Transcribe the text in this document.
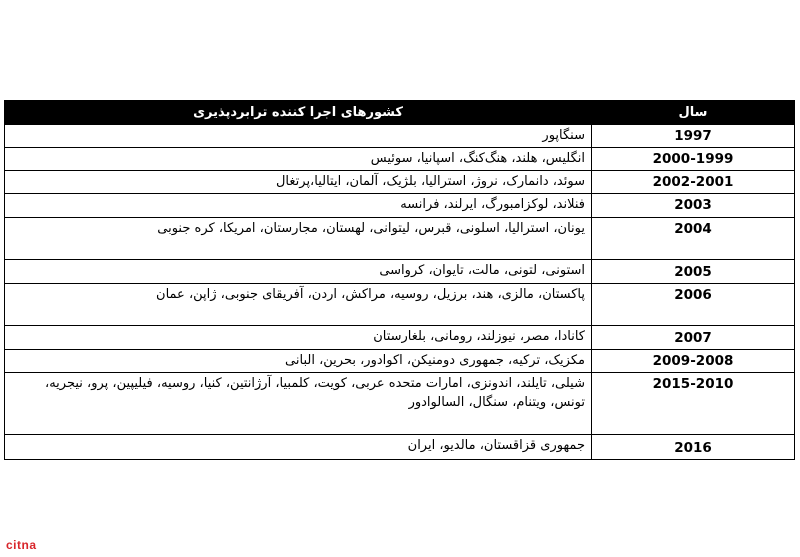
سال	کشورهای اجرا کننده ترابردپذیری
1997	سنگاپور
2000-1999	انگلیس، هلند، هنگ‌کنگ، اسپانیا، سوئیس
2002-2001	سوئد، دانمارک، نروژ، استرالیا، بلژیک، آلمان، ایتالیا،پرتغال
2003	فنلاند، لوکزامبورگ، ایرلند، فرانسه
2004	یونان، استرالیا، اسلونی، قبرس، لیتوانی، لهستان، مجارستان، امریکا، کره جنوبی
2005	استونی، لتونی، مالت، تایوان، کرواسی
2006	پاکستان، مالزی، هند، برزیل، روسیه، مراکش، اردن، آفریقای جنوبی، ژاپن، عمان
2007	کانادا، مصر، نیوزلند، رومانی، بلغارستان
2009-2008	مکزیک، ترکیه، جمهوری دومنیکن، اکوادور، بحرین، البانی
2015-2010	شیلی، تایلند، اندونزی، امارات متحده عربی، کویت، کلمبیا، آرژانتین، کنیا، روسیه، فیلیپین، پرو، نیجریه، تونس، ویتنام، سنگال، السالوادور
2016	جمهوری قزاقستان، مالدیو، ایران
citna
